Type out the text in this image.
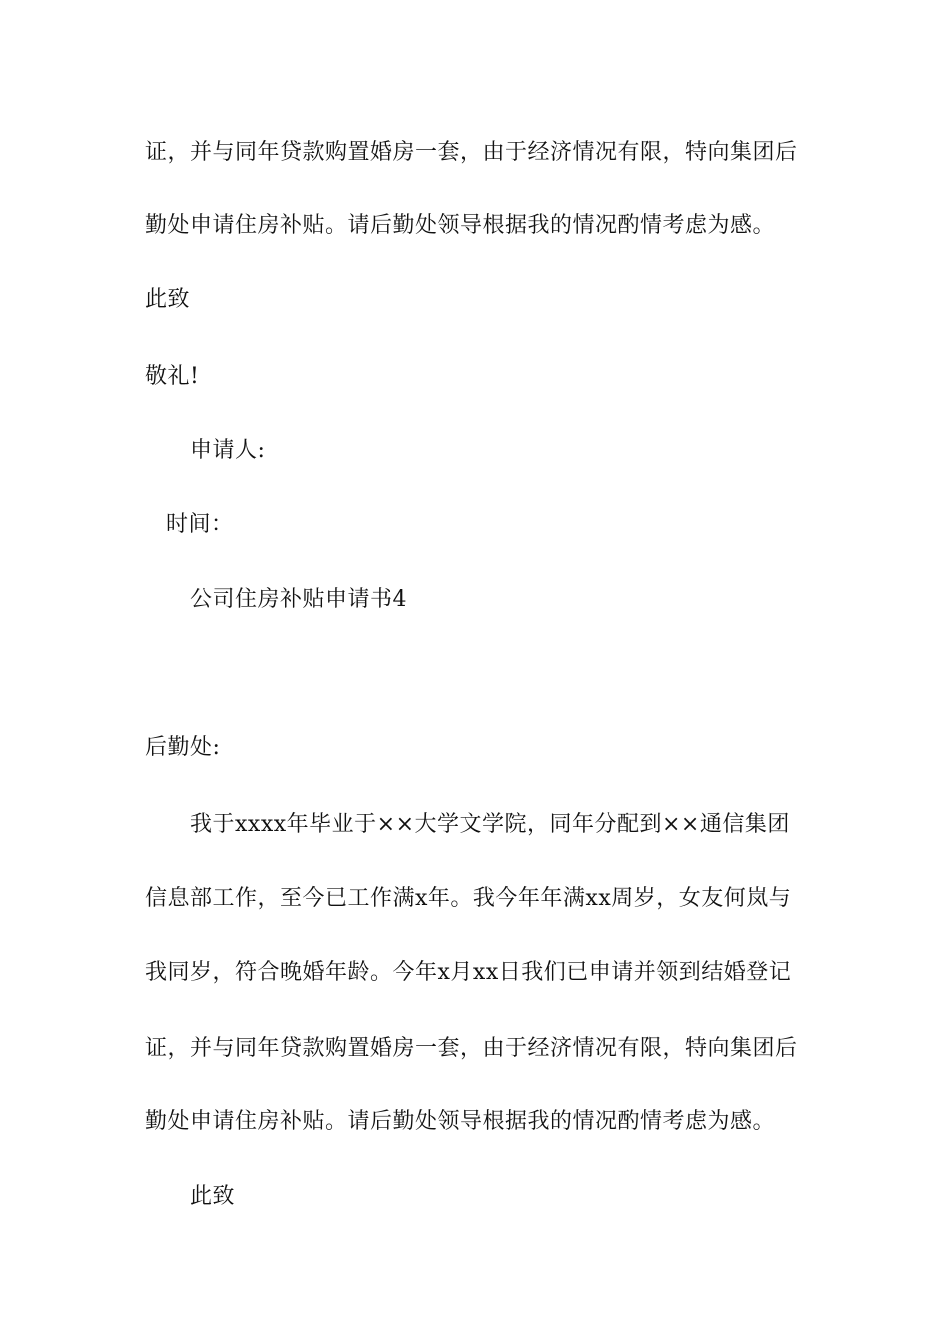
证，并与同年贷款购置婚房一套，由于经济情况有限，特向集团后
勤处申请住房补贴。请后勤处领导根据我的情况酌情考虑为感。
此致
敬礼!
申请人:
时间：
公司住房补贴申请书4
后勤处:
我于xxxx年毕业于××大学文学院，同年分配到××通信集团
信息部工作，至今已工作满x年。我今年年满xx周岁，女友何岚与
我同岁，符合晚婚年龄。今年x月xx日我们已申请并领到结婚登记
证，并与同年贷款购置婚房一套，由于经济情况有限，特向集团后
勤处申请住房补贴。请后勤处领导根据我的情况酌情考虑为感。
此致
